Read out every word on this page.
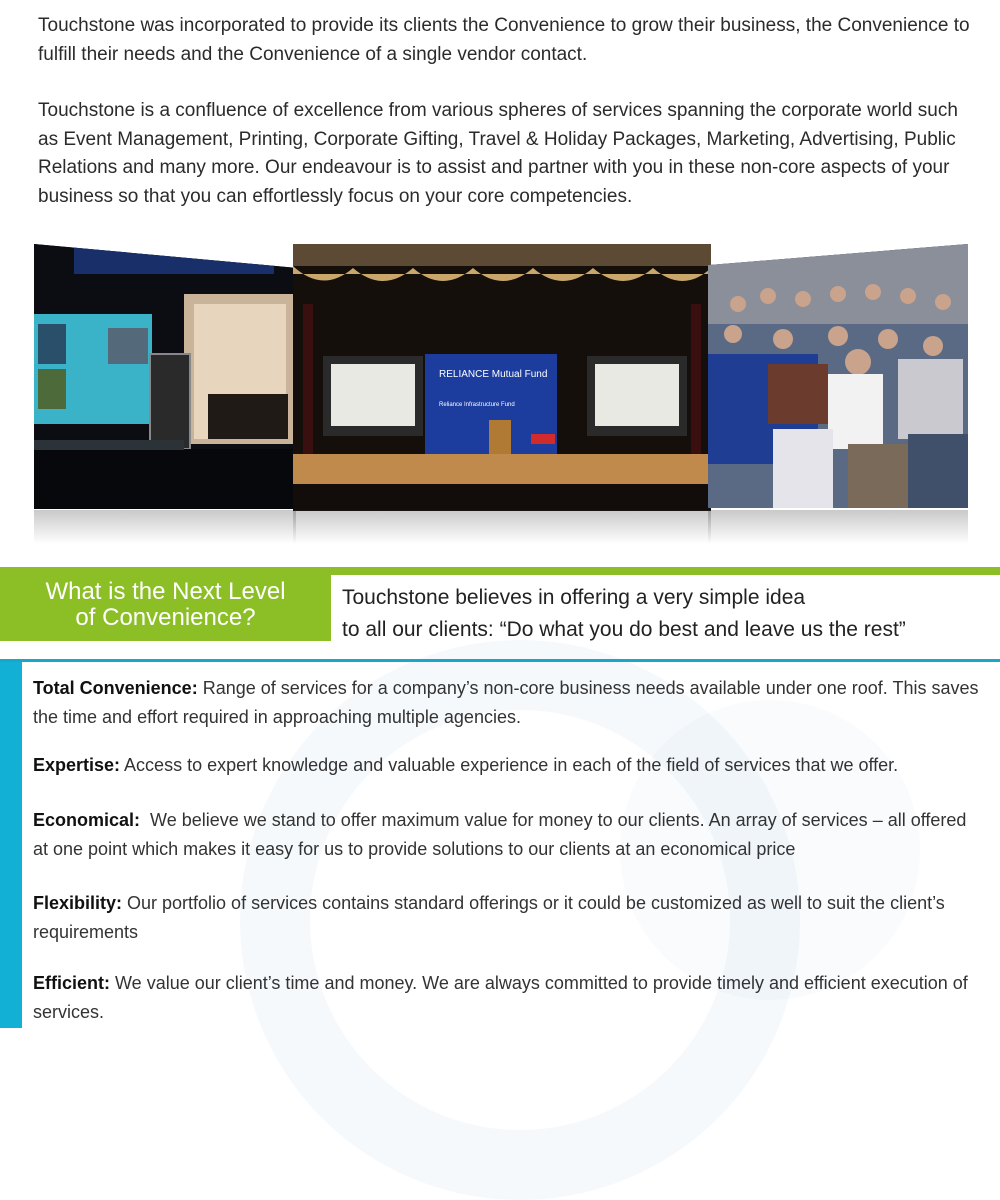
Touchstone was incorporated to provide its clients the Convenience to grow their business, the Convenience to fulfill their needs and the Convenience of a single vendor contact.

Touchstone is a confluence of excellence from various spheres of services spanning the corporate world such as Event Management, Printing, Corporate Gifting, Travel & Holiday Packages, Marketing, Advertising, Public Relations and many more. Our endeavour is to assist and partner with you in these non-core aspects of your business so that you can effortlessly focus on your core competencies.

RELIANCE Mutual Fund
Reliance Infrastructure Fund
What is the Next Level
of Convenience?
Touchstone believes in offering a very simple idea
to all our clients: “Do what you do best and leave us the rest”

Total Convenience: Range of services for a company’s non-core business needs available under one roof. This saves the time and effort required in approaching multiple agencies.

Expertise: Access to expert knowledge and valuable experience in each of the field of services that we offer.

Economical:  We believe we stand to offer maximum value for money to our clients. An array of services – all offered at one point which makes it easy for us to provide solutions to our clients at an economical price

Flexibility: Our portfolio of services contains standard offerings or it could be customized as well to suit the client’s requirements

Efficient: We value our client’s time and money. We are always committed to provide timely and efficient execution of services.
